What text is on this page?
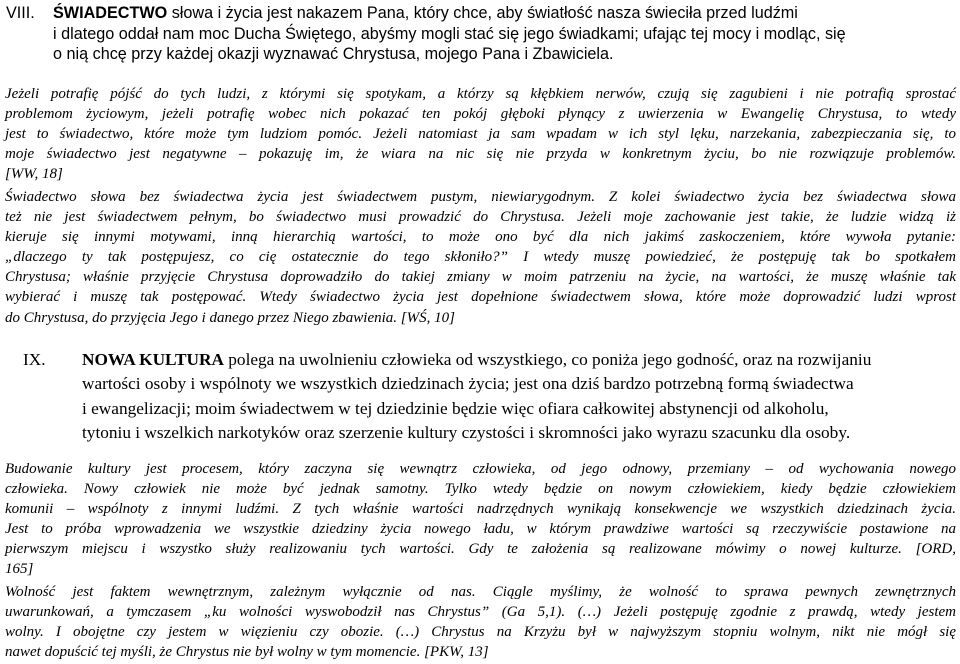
VIII.	ŚWIADECTWO słowa i życia jest nakazem Pana, który chce, aby światłość nasza świeciła przed ludźmi
i dlatego oddał nam moc Ducha Świętego, abyśmy mogli stać się jego świadkami; ufając tej mocy i modląc, się
o nią chcę przy każdej okazji wyznawać Chrystusa, mojego Pana i Zbawiciela.
Jeżeli potrafię pójść do tych ludzi, z którymi się spotykam, a którzy są kłębkiem nerwów, czują się zagubieni i nie potrafią sprostać
problemom życiowym, jeżeli potrafię wobec nich pokazać ten pokój głęboki płynący z uwierzenia w Ewangelię Chrystusa, to wtedy
jest to świadectwo, które może tym ludziom pomóc. Jeżeli natomiast ja sam wpadam w ich styl lęku, narzekania, zabezpieczania się, to
moje świadectwo jest negatywne – pokazuję im, że wiara na nic się nie przyda w konkretnym życiu, bo nie rozwiązuje problemów.
[WW, 18]
Świadectwo słowa bez świadectwa życia jest świadectwem pustym, niewiarygodnym. Z kolei świadectwo życia bez świadectwa słowa
też nie jest świadectwem pełnym, bo świadectwo musi prowadzić do Chrystusa. Jeżeli moje zachowanie jest takie, że ludzie widzą iż
kieruje się innymi motywami, inną hierarchią wartości, to może ono być dla nich jakimś zaskoczeniem, które wywoła pytanie:
„dlaczego ty tak postępujesz, co cię ostatecznie do tego skłoniło?” I wtedy muszę powiedzieć, że postępuję tak bo spotkałem
Chrystusa; właśnie przyjęcie Chrystusa doprowadziło do takiej zmiany w moim patrzeniu na życie, na wartości, że muszę właśnie tak
wybierać i muszę tak postępować. Wtedy świadectwo życia jest dopełnione świadectwem słowa, które może doprowadzić ludzi wprost
do Chrystusa, do przyjęcia Jego i danego przez Niego zbawienia. [WŚ, 10]
IX. NOWA KULTURA polega na uwolnieniu człowieka od wszystkiego, co poniża jego godność, oraz na rozwijaniu
wartości osoby i wspólnoty we wszystkich dziedzinach życia; jest ona dziś bardzo potrzebną formą świadectwa
i ewangelizacji; moim świadectwem w tej dziedzinie będzie więc ofiara całkowitej abstynencji od alkoholu,
tytoniu i wszelkich narkotyków oraz szerzenie kultury czystości i skromności jako wyrazu szacunku dla osoby.
Budowanie kultury jest procesem, który zaczyna się wewnątrz człowieka, od jego odnowy, przemiany – od wychowania nowego
człowieka. Nowy człowiek nie może być jednak samotny. Tylko wtedy będzie on nowym człowiekiem, kiedy będzie człowiekiem
komunii – wspólnoty z innymi ludźmi. Z tych właśnie wartości nadrzędnych wynikają konsekwencje we wszystkich dziedzinach życia.
Jest to próba wprowadzenia we wszystkie dziedziny życia nowego ładu, w którym prawdziwe wartości są rzeczywiście postawione na
pierwszym miejscu i wszystko służy realizowaniu tych wartości. Gdy te założenia są realizowane mówimy o nowej kulturze. [ORD,
165]
Wolność jest faktem wewnętrznym, zależnym wyłącznie od nas. Ciągle myślimy, że wolność to sprawa pewnych zewnętrznych
uwarunkowań, a tymczasem „ku wolności wyswobodził nas Chrystus” (Ga 5,1). (…) Jeżeli postępuję zgodnie z prawdą, wtedy jestem
wolny. I obojętne czy jestem w więzieniu czy obozie. (…) Chrystus na Krzyżu był w najwyższym stopniu wolnym, nikt nie mógł się
nawet dopuścić tej myśli, że Chrystus nie był wolny w tym momencie. [PKW, 13]
